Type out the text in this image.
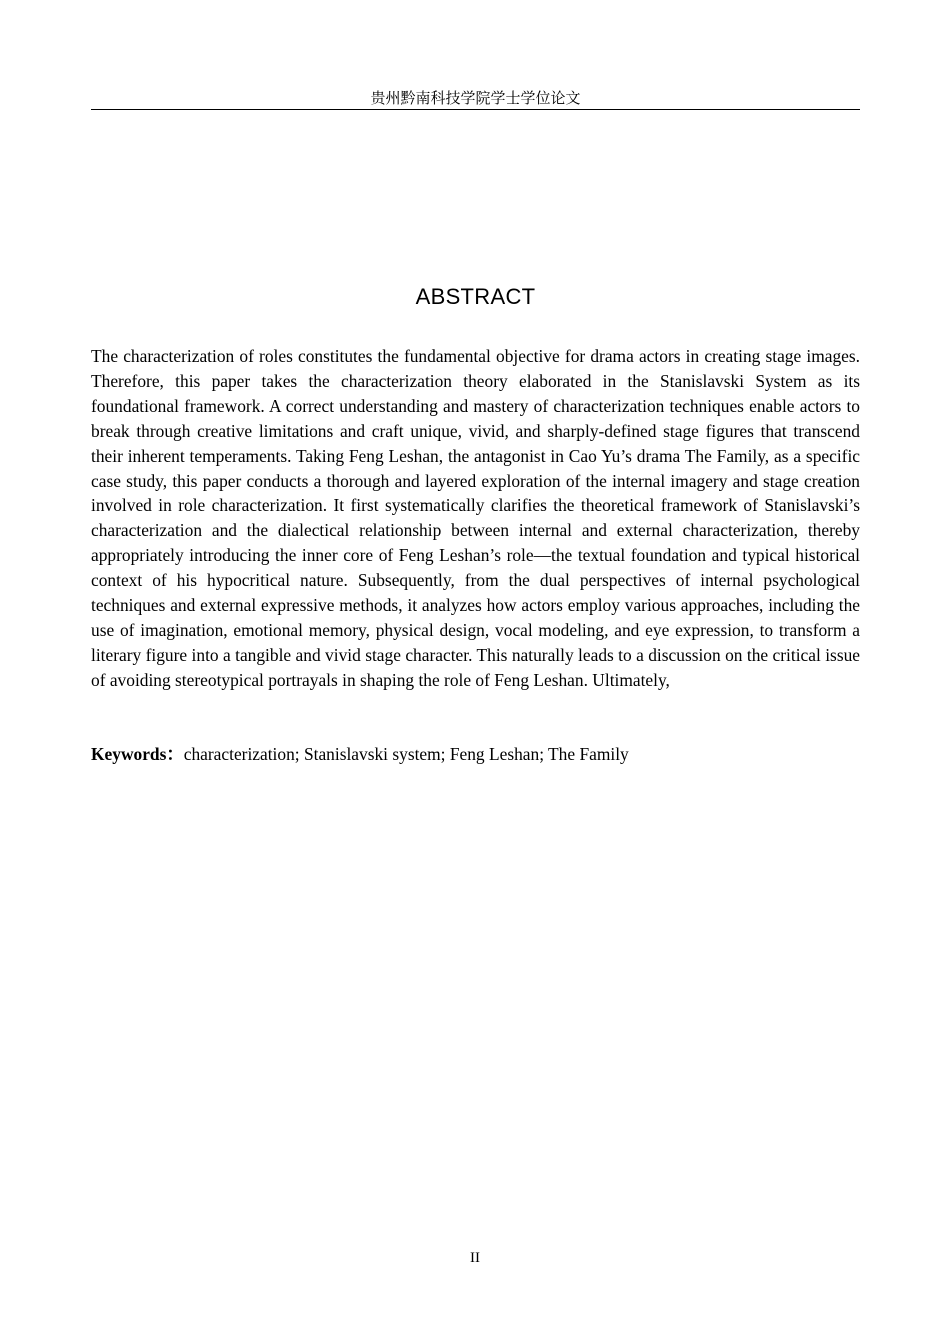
贵州黔南科技学院学士学位论文
ABSTRACT

The characterization of roles constitutes the fundamental objective for drama actors in creating stage images. Therefore, this paper takes the characterization theory elaborated in the Stanislavski System as its foundational framework. A correct understanding and mastery of characterization techniques enable actors to break through creative limitations and craft unique, vivid, and sharply-defined stage figures that transcend their inherent temperaments. Taking Feng Leshan, the antagonist in Cao Yu’s drama The Family, as a specific case study, this paper conducts a thorough and layered exploration of the internal imagery and stage creation involved in role characterization. It first systematically clarifies the theoretical framework of Stanislavski’s characterization and the dialectical relationship between internal and external characterization, thereby appropriately introducing the inner core of Feng Leshan’s role—the textual foundation and typical historical context of his hypocritical nature. Subsequently, from the dual perspectives of internal psychological techniques and external expressive methods, it analyzes how actors employ various approaches, including the use of imagination, emotional memory, physical design, vocal modeling, and eye expression, to transform a literary figure into a tangible and vivid stage character. This naturally leads to a discussion on the critical issue of avoiding stereotypical portrayals in shaping the role of Feng Leshan. Ultimately,

Keywords：characterization; Stanislavski system; Feng Leshan; The Family

II
